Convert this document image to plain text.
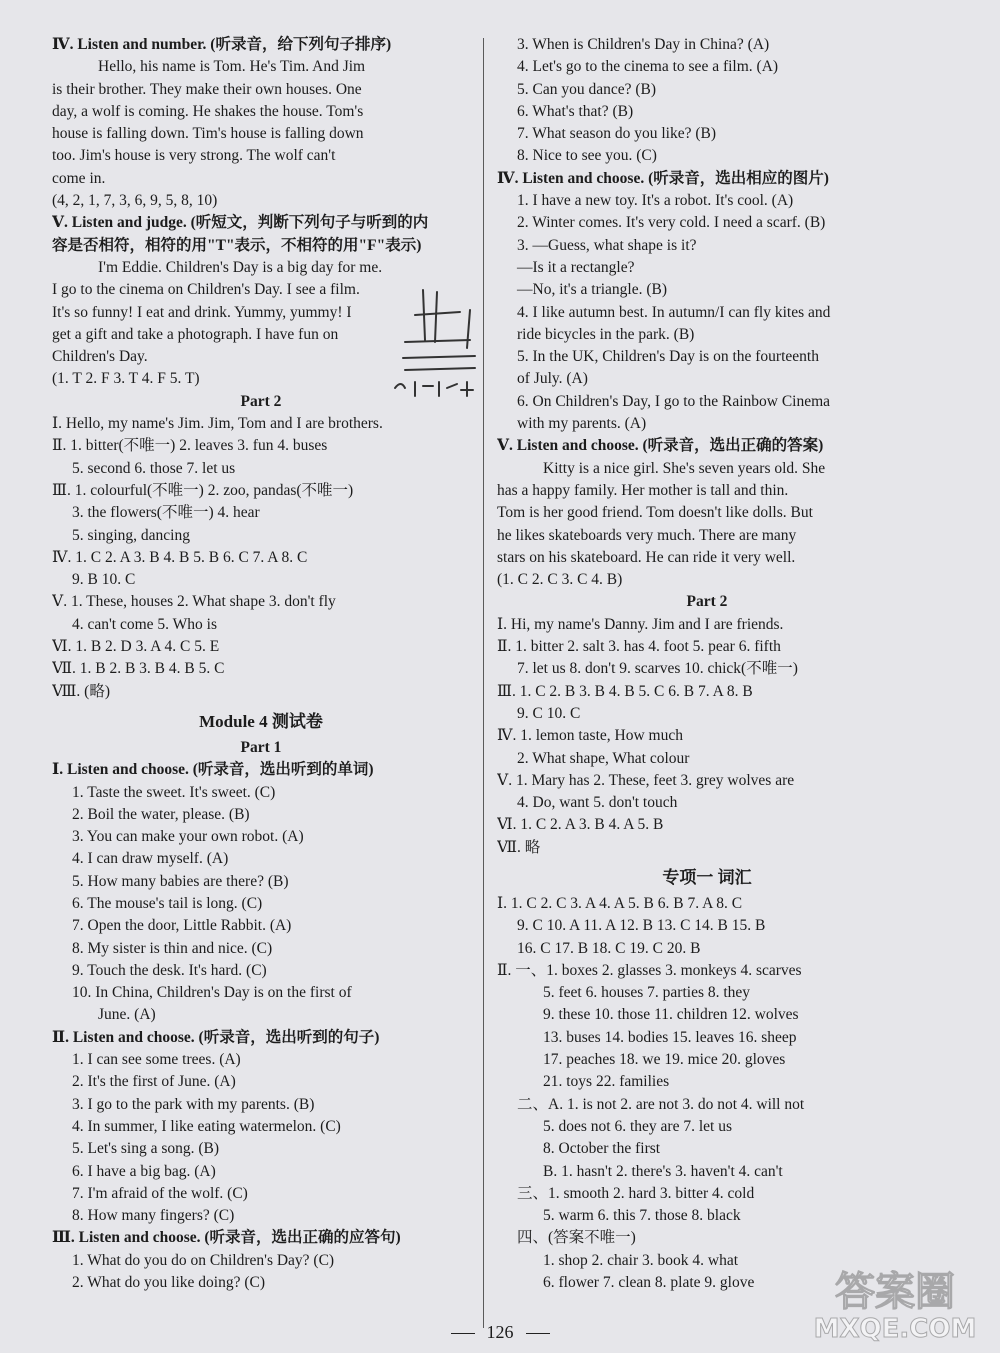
Ⅳ. Listen and number. (听录音，给下列句子排序)
Hello, his name is Tom. He's Tim. And Jim
is their brother. They make their own houses. One
day, a wolf is coming. He shakes the house. Tom's
house is falling down. Tim's house is falling down
too. Jim's house is very strong. The wolf can't
come in.
(4, 2, 1, 7, 3, 6, 9, 5, 8, 10)
Ⅴ. Listen and judge. (听短文，判断下列句子与听到的内
容是否相符，相符的用"T"表示，不相符的用"F"表示)
I'm Eddie. Children's Day is a big day for me.
I go to the cinema on Children's Day. I see a film.
It's so funny! I eat and drink. Yummy, yummy! I
get a gift and take a photograph. I have fun on
Children's Day.
(1. T 2. F 3. T 4. F 5. T)
Part 2
Ⅰ. Hello, my name's Jim. Jim, Tom and I are brothers.
Ⅱ. 1. bitter(不唯一) 2. leaves 3. fun 4. buses
5. second 6. those 7. let us
Ⅲ. 1. colourful(不唯一) 2. zoo, pandas(不唯一)
3. the flowers(不唯一) 4. hear
5. singing, dancing
Ⅳ. 1. C 2. A 3. B 4. B 5. B 6. C 7. A 8. C
9. B 10. C
Ⅴ. 1. These, houses 2. What shape 3. don't fly
4. can't come 5. Who is
Ⅵ. 1. B 2. D 3. A 4. C 5. E
Ⅶ. 1. B 2. B 3. B 4. B 5. C
Ⅷ. (略)
Module 4 测试卷
Part 1
Ⅰ. Listen and choose. (听录音，选出听到的单词)
1. Taste the sweet. It's sweet. (C)
2. Boil the water, please. (B)
3. You can make your own robot. (A)
4. I can draw myself. (A)
5. How many babies are there? (B)
6. The mouse's tail is long. (C)
7. Open the door, Little Rabbit. (A)
8. My sister is thin and nice. (C)
9. Touch the desk. It's hard. (C)
10. In China, Children's Day is on the first of
June. (A)
Ⅱ. Listen and choose. (听录音，选出听到的句子)
1. I can see some trees. (A)
2. It's the first of June. (A)
3. I go to the park with my parents. (B)
4. In summer, I like eating watermelon. (C)
5. Let's sing a song. (B)
6. I have a big bag. (A)
7. I'm afraid of the wolf. (C)
8. How many fingers? (C)
Ⅲ. Listen and choose. (听录音，选出正确的应答句)
1. What do you do on Children's Day? (C)
2. What do you like doing? (C)
3. When is Children's Day in China? (A)
4. Let's go to the cinema to see a film. (A)
5. Can you dance? (B)
6. What's that? (B)
7. What season do you like? (B)
8. Nice to see you. (C)
Ⅳ. Listen and choose. (听录音，选出相应的图片)
1. I have a new toy. It's a robot. It's cool. (A)
2. Winter comes. It's very cold. I need a scarf. (B)
3. —Guess, what shape is it?
—Is it a rectangle?
—No, it's a triangle. (B)
4. I like autumn best. In autumn/I can fly kites and
ride bicycles in the park. (B)
5. In the UK, Children's Day is on the fourteenth
of July. (A)
6. On Children's Day, I go to the Rainbow Cinema
with my parents. (A)
Ⅴ. Listen and choose. (听录音，选出正确的答案)
Kitty is a nice girl. She's seven years old. She
has a happy family. Her mother is tall and thin.
Tom is her good friend. Tom doesn't like dolls. But
he likes skateboards very much. There are many
stars on his skateboard. He can ride it very well.
(1. C 2. C 3. C 4. B)
Part 2
Ⅰ. Hi, my name's Danny. Jim and I are friends.
Ⅱ. 1. bitter 2. salt 3. has 4. foot 5. pear 6. fifth
7. let us 8. don't 9. scarves 10. chick(不唯一)
Ⅲ. 1. C 2. B 3. B 4. B 5. C 6. B 7. A 8. B
9. C 10. C
Ⅳ. 1. lemon taste, How much
2. What shape, What colour
Ⅴ. 1. Mary has 2. These, feet 3. grey wolves are
4. Do, want 5. don't touch
Ⅵ. 1. C 2. A 3. B 4. A 5. B
Ⅶ. 略
专项一 词汇
Ⅰ. 1. C 2. C 3. A 4. A 5. B 6. B 7. A 8. C
9. C 10. A 11. A 12. B 13. C 14. B 15. B
16. C 17. B 18. C 19. C 20. B
Ⅱ. 一、1. boxes 2. glasses 3. monkeys 4. scarves
5. feet 6. houses 7. parties 8. they
9. these 10. those 11. children 12. wolves
13. buses 14. bodies 15. leaves 16. sheep
17. peaches 18. we 19. mice 20. gloves
21. toys 22. families
二、A. 1. is not 2. are not 3. do not 4. will not
5. does not 6. they are 7. let us
8. October the first
B. 1. hasn't 2. there's 3. haven't 4. can't
三、1. smooth 2. hard 3. bitter 4. cold
5. warm 6. this 7. those 8. black
四、(答案不唯一)
1. shop 2. chair 3. book 4. what
6. flower 7. clean 8. plate 9. glove
126
答案圈
MXQE.COM
